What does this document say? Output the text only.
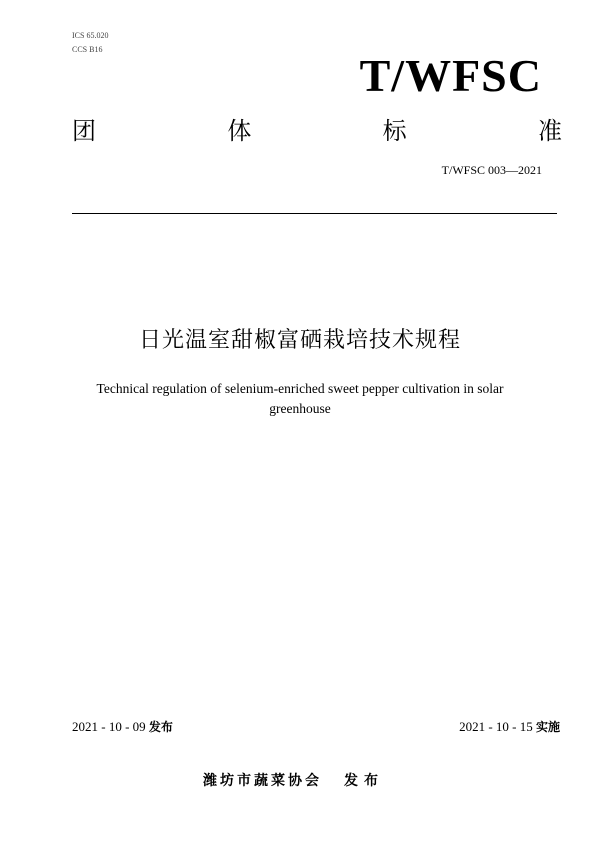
ICS 65.020
CCS B16
T/WFSC
团	体	标	准
T/WFSC 003—2021
日光温室甜椒富硒栽培技术规程
Technical regulation of selenium-enriched sweet pepper cultivation in solar greenhouse
2021 - 10 - 09 发布	2021 - 10 - 15 实施
潍坊市蔬菜协会 发布
